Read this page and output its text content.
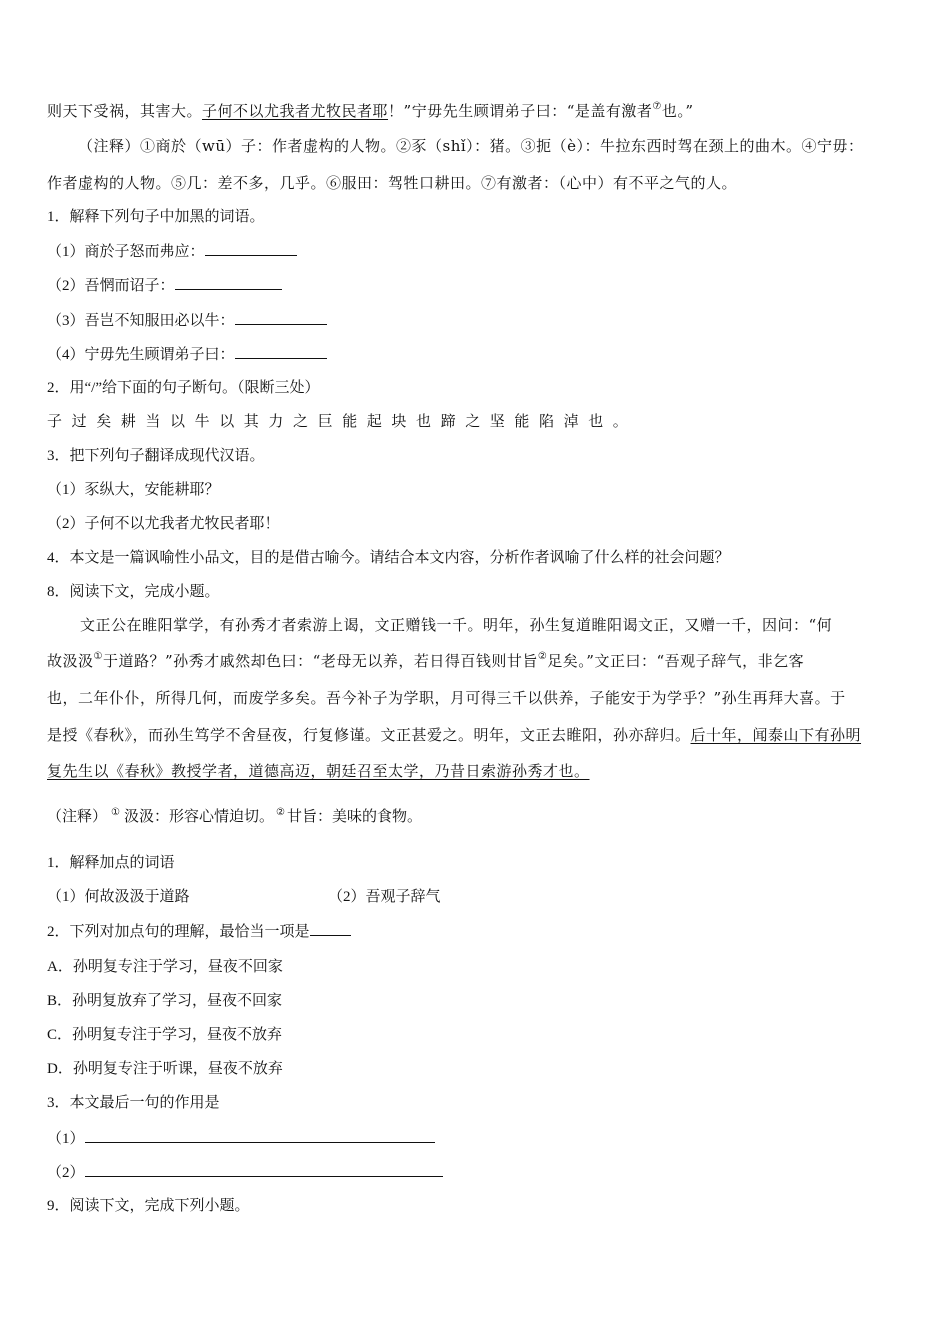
则天下受祸，其害大。子何不以尤我者尤牧民者耶！”宁毋先生顾谓弟子曰：“是盖有激者⑦也。”
（注释）①商於（wū）子：作者虚构的人物。②豕（shǐ）：猪。③扼（è）：牛拉东西时驾在颈上的曲木。④宁毋：
作者虚构的人物。⑤几：差不多，几乎。⑥服田：驾牲口耕田。⑦有激者：（心中）有不平之气的人。
1．解释下列句子中加黑的词语。
（1）商於子怒而弗应：
（2）吾惘而诏子：
（3）吾岂不知服田必以牛：
（4）宁毋先生顾谓弟子曰：
2．用“/”给下面的句子断句。（限断三处）
子过矣耕当以牛以其力之巨能起块也蹄之坚能陷淖也。
3．把下列句子翻译成现代汉语。
（1）豕纵大，安能耕耶？
（2）子何不以尤我者尤牧民者耶！
4．本文是一篇讽喻性小品文，目的是借古喻今。请结合本文内容，分析作者讽喻了什么样的社会问题？
8．阅读下文，完成小题。
文正公在睢阳掌学，有孙秀才者索游上谒，文正赠钱一千。明年，孙生复道睢阳谒文正，又赠一千，因问：“何
故汲汲①于道路？”孙秀才戚然却色曰：“老母无以养，若日得百钱则甘旨②足矣。”文正曰：“吾观子辞气，非乞客
也，二年仆仆，所得几何，而废学多矣。吾今补子为学职，月可得三千以供养，子能安于为学乎？”孙生再拜大喜。于
是授《春秋》，而孙生笃学不舍昼夜，行复修谨。文正甚爱之。明年，文正去睢阳，孙亦辞归。后十年，闻泰山下有孙明
复先生以《春秋》教授学者，道德高迈，朝廷召至太学，乃昔日索游孙秀才也。
（注释） ① 汲汲：形容心情迫切。 ② 甘旨：美味的食物。
1．解释加点的词语
（1）何故汲汲于道路	（2）吾观子辞气
2．下列对加点句的理解，最恰当一项是
A．孙明复专注于学习，昼夜不回家
B．孙明复放弃了学习，昼夜不回家
C．孙明复专注于学习，昼夜不放弃
D．孙明复专注于听课，昼夜不放弃
3．本文最后一句的作用是
（1）
（2）
9．阅读下文，完成下列小题。
